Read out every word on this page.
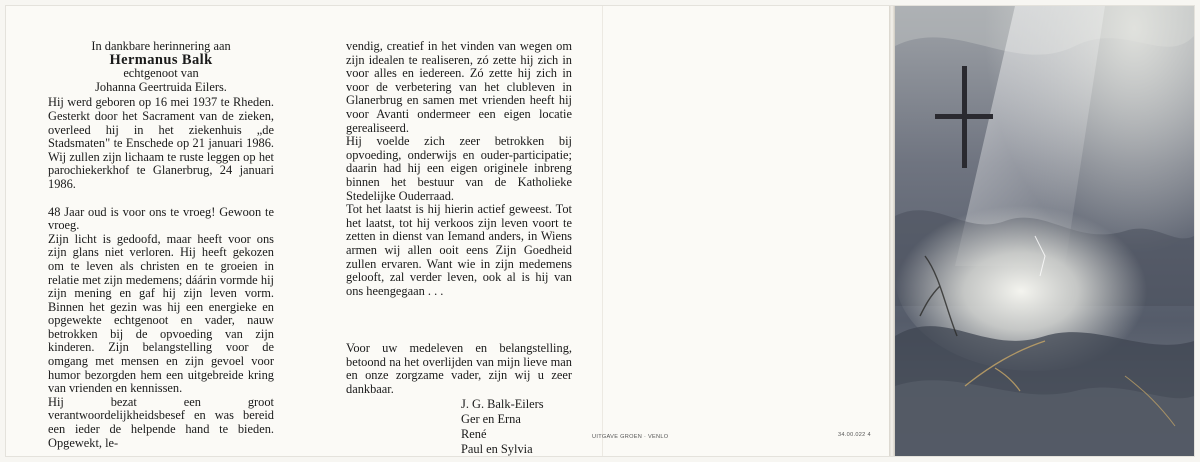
In dankbare herinnering aan

Hermanus Balk

echtgenoot van

Johanna Geertruida Eilers.

Hij werd geboren op 16 mei 1937 te Rheden. Gesterkt door het Sacrament van de zieken, overleed hij in het ziekenhuis „de Stadsmaten" te Enschede op 21 januari 1986. Wij zullen zijn lichaam te ruste leggen op het parochiekerkhof te Glanerbrug, 24 januari 1986.

48 Jaar oud is voor ons te vroeg! Gewoon te vroeg.

Zijn licht is gedoofd, maar heeft voor ons zijn glans niet verloren. Hij heeft gekozen om te leven als christen en te groeien in relatie met zijn medemens; dáárin vormde hij zijn mening en gaf hij zijn leven vorm. Binnen het gezin was hij een energieke en opgewekte echtgenoot en vader, nauw betrokken bij de opvoeding van zijn kinderen. Zijn belangstelling voor de omgang met mensen en zijn gevoel voor humor bezorgden hem een uitgebreide kring van vrienden en kennissen.

Hij bezat een groot verantwoordelijkheidsbesef en was bereid een ieder de helpende hand te bieden. Opgewekt, le-

vendig, creatief in het vinden van wegen om zijn idealen te realiseren, zó zette hij zich in voor alles en iedereen. Zó zette hij zich in voor de verbetering van het clubleven in Glanerbrug en samen met vrienden heeft hij voor Avanti ondermeer een eigen locatie gerealiseerd.

Hij voelde zich zeer betrokken bij opvoeding, onderwijs en ouder-participatie; daarin had hij een eigen originele inbreng binnen het bestuur van de Katholieke Stedelijke Ouderraad.

Tot het laatst is hij hierin actief geweest. Tot het laatst, tot hij verkoos zijn leven voort te zetten in dienst van Iemand anders, in Wiens armen wij allen ooit eens Zijn Goedheid zullen ervaren. Want wie in zijn medemens gelooft, zal verder leven, ook al is hij van ons heengegaan . . .

Voor uw medeleven en belangstelling, betoond na het overlijden van mijn lieve man en onze zorgzame vader, zijn wij u zeer dankbaar.

J. G. Balk-Eilers
Ger en Erna
René
Paul en Sylvia
UITGAVE GROEN · VENLO	34.00.022 4
